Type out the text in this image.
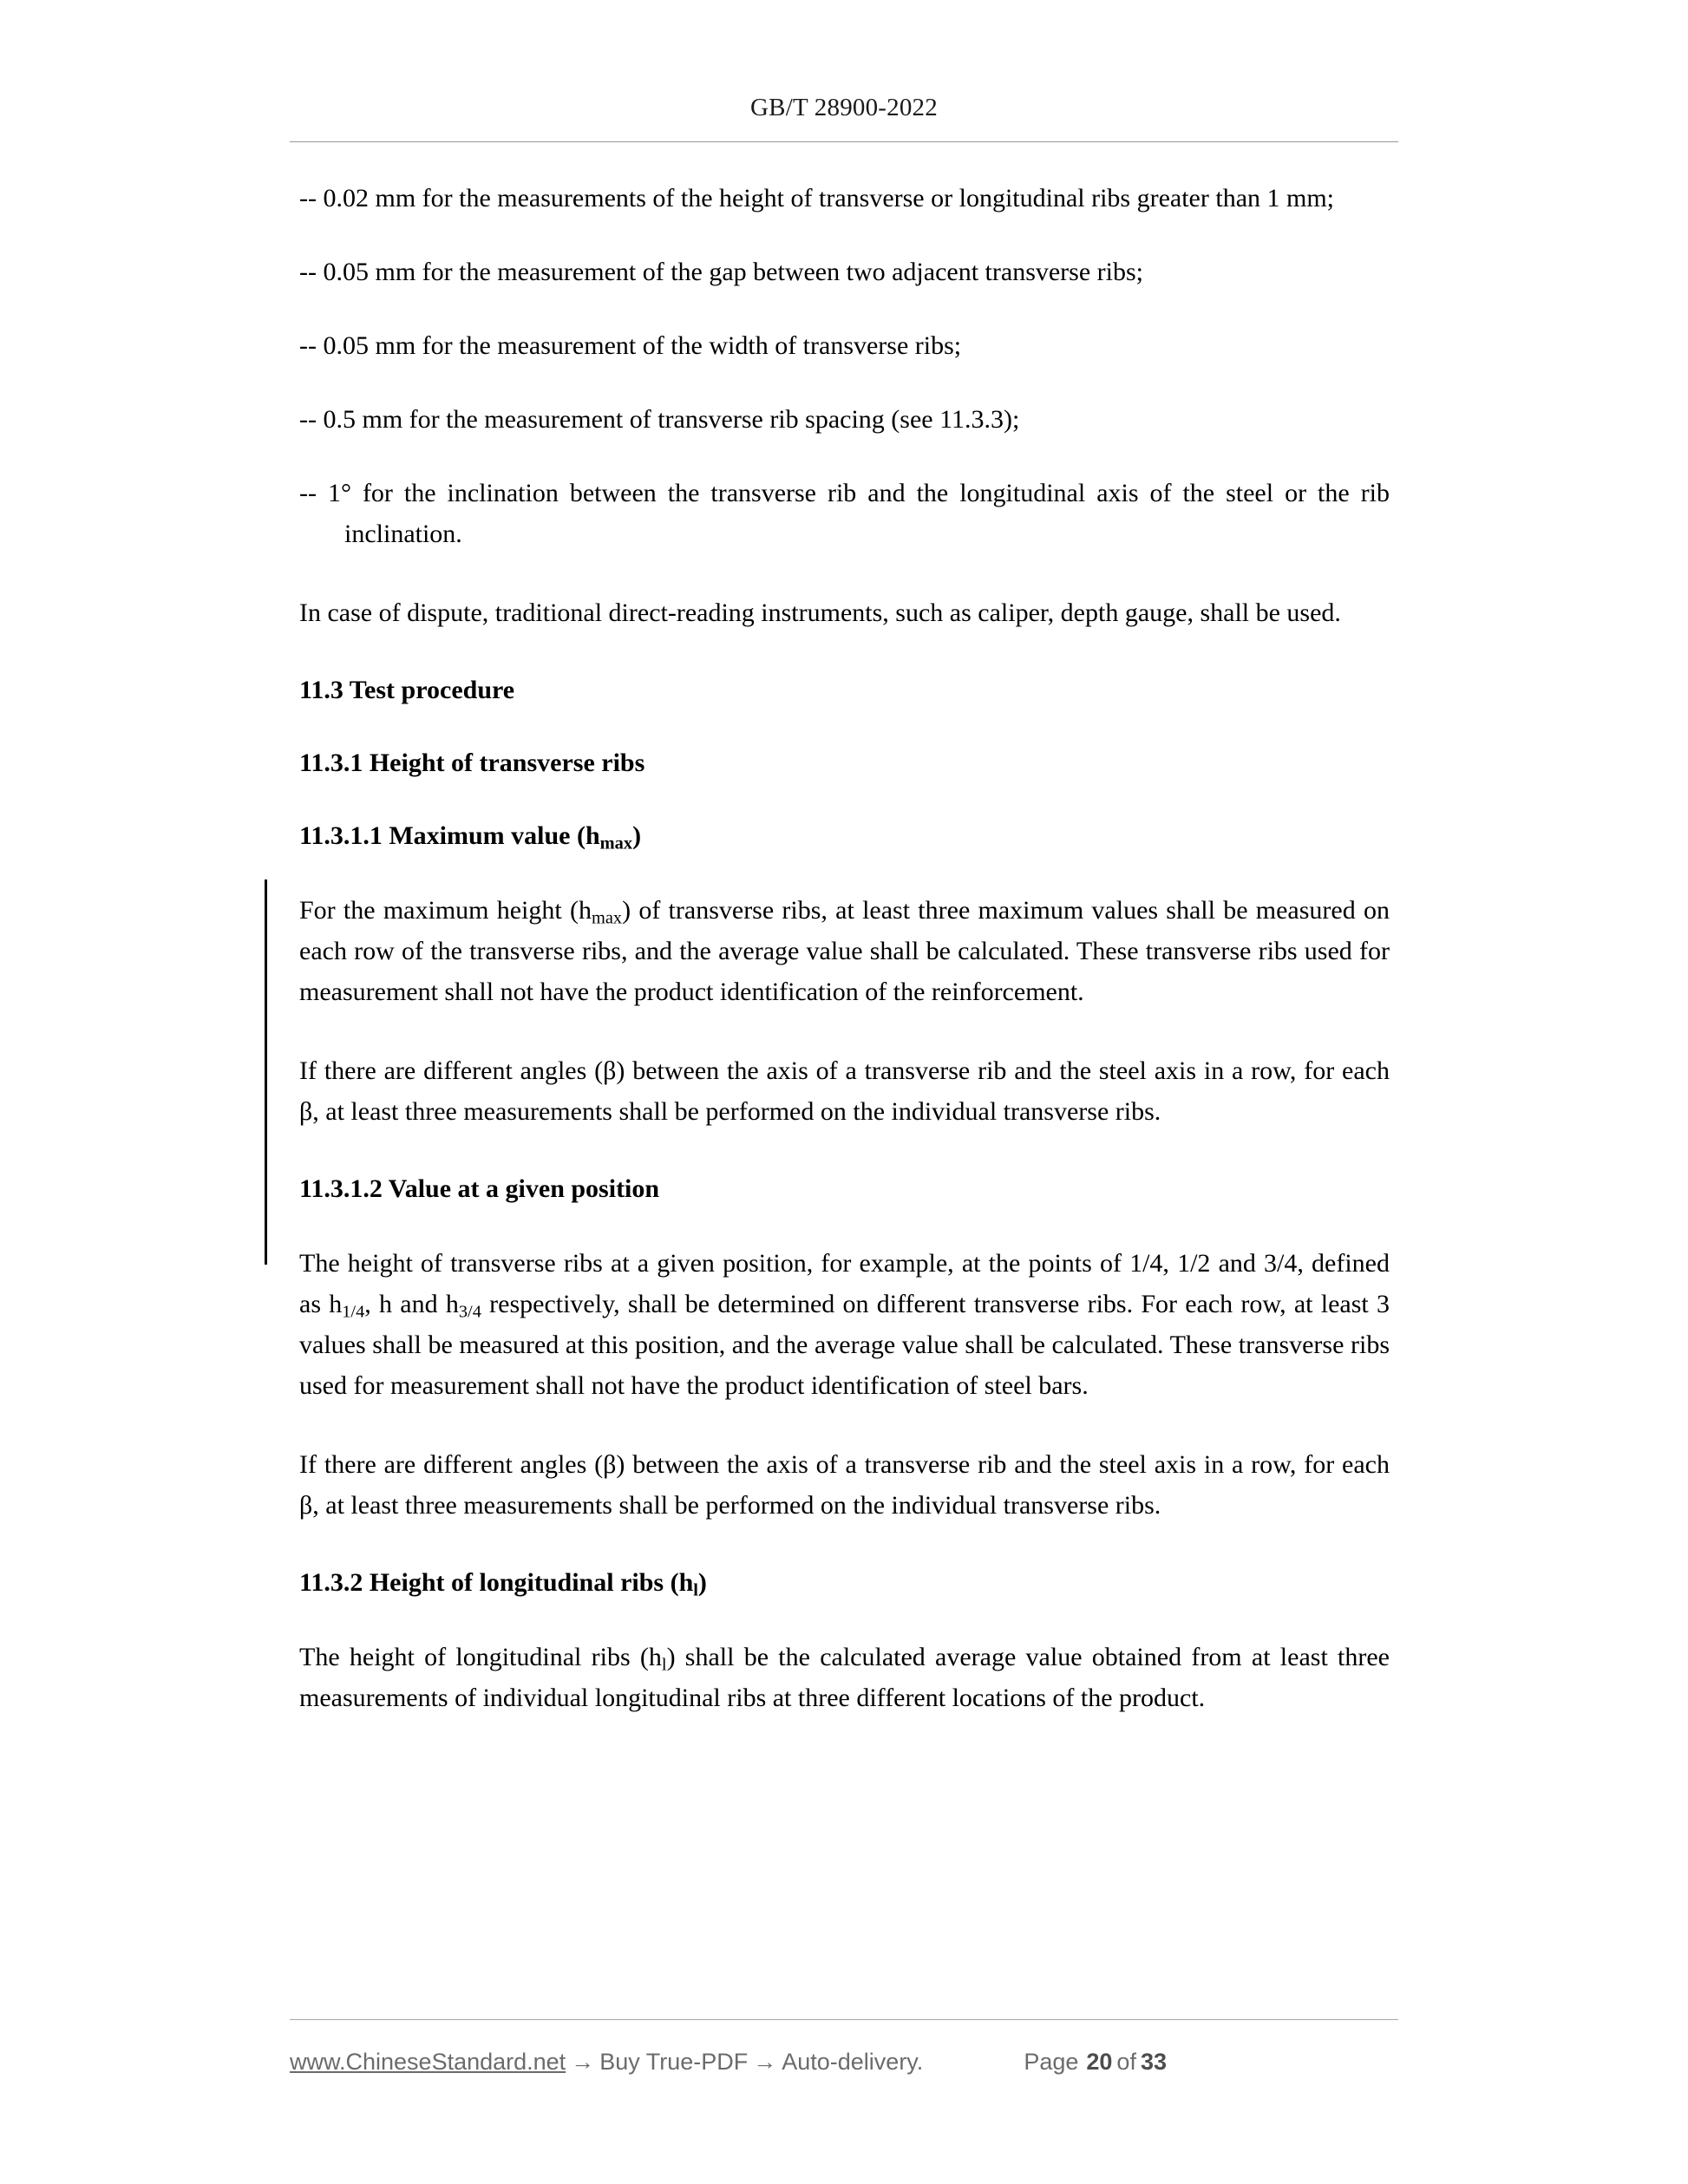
GB/T 28900-2022

-- 0.02 mm for the measurements of the height of transverse or longitudinal ribs greater than 1 mm;

-- 0.05 mm for the measurement of the gap between two adjacent transverse ribs;

-- 0.05 mm for the measurement of the width of transverse ribs;

-- 0.5 mm for the measurement of transverse rib spacing (see 11.3.3);

-- 1° for the inclination between the transverse rib and the longitudinal axis of the steel or the rib inclination.

In case of dispute, traditional direct-reading instruments, such as caliper, depth gauge, shall be used.

11.3 Test procedure
11.3.1 Height of transverse ribs
11.3.1.1 Maximum value $(h_{max})$

For the maximum height $(h_{max})$ of transverse ribs, at least three maximum values shall be measured on each row of the transverse ribs, and the average value shall be calculated. These transverse ribs used for measurement shall not have the product identification of the reinforcement.

If there are different angles (β) between the axis of a transverse rib and the steel axis in a row, for each β, at least three measurements shall be performed on the individual transverse ribs.

11.3.1.2 Value at a given position

The height of transverse ribs at a given position, for example, at the points of 1/4, 1/2 and 3/4, defined as $h_{1/4}$, h and $h_{3/4}$ respectively, shall be determined on different transverse ribs. For each row, at least 3 values shall be measured at this position, and the average value shall be calculated. These transverse ribs used for measurement shall not have the product identification of steel bars.

If there are different angles (β) between the axis of a transverse rib and the steel axis in a row, for each β, at least three measurements shall be performed on the individual transverse ribs.

11.3.2 Height of longitudinal ribs $(h_l)$

The height of longitudinal ribs $(h_l)$ shall be the calculated average value obtained from at least three measurements of individual longitudinal ribs at three different locations of the product.

www.ChineseStandard.net → Buy True-PDF → Auto-delivery.	Page 20 of 33
